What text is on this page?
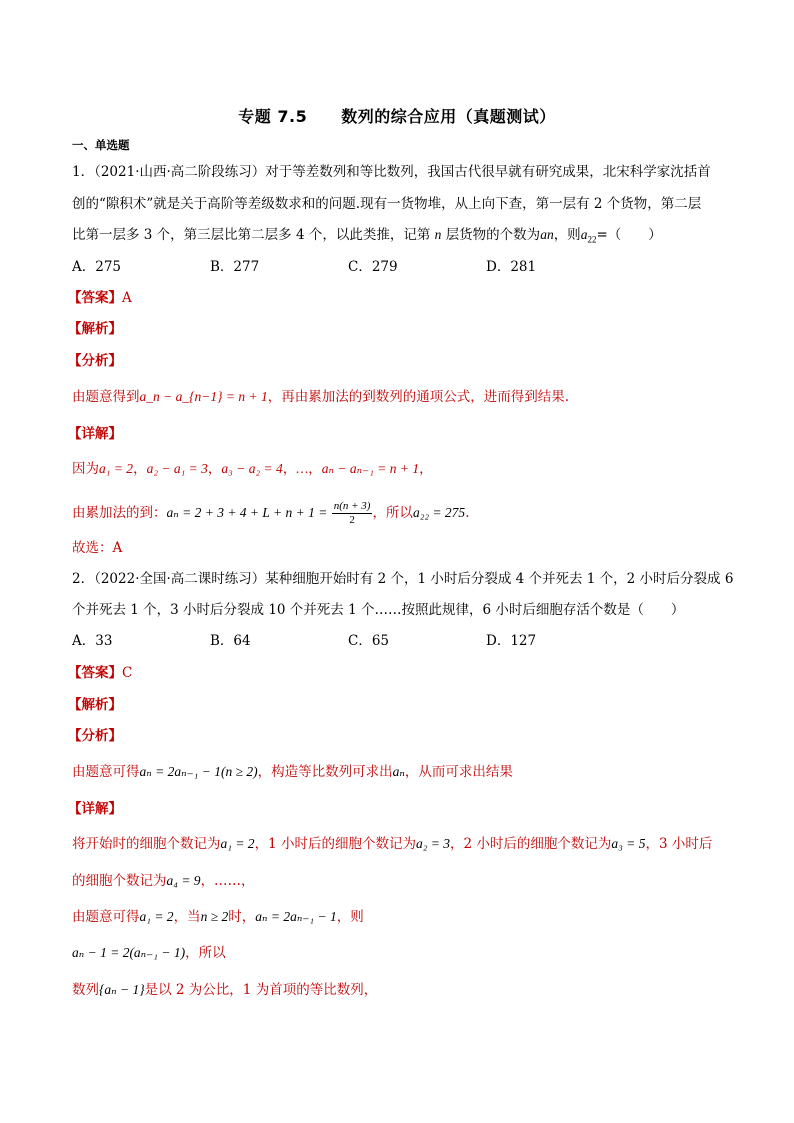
专题 7.5 数列的综合应用（真题测试）
一、单选题
1．（2021·山西·高二阶段练习）对于等差数列和等比数列，我国古代很早就有研究成果，北宋科学家沈括首
创的“隙积术”就是关于高阶等差级数求和的问题.现有一货物堆，从上向下查，第一层有 2 个货物，第二层
比第一层多 3 个，第三层比第二层多 4 个，以此类推，记第 n 层货物的个数为an，则$a_{22}=$（　　）
A．275	B．277	C．279	D．281
【答案】A
【解析】
【分析】
由题意得到a_n − a_{n−1} = n + 1，再由累加法的到数列的通项公式，进而得到结果.
【详解】
因为a₁ = 2，a₂ − a₁ = 3，a₃ − a₂ = 4，…，aₙ − aₙ₋₁ = n + 1，
由累加法的到：$a_n = 2 + 3 + 4 + L + n + 1 = \frac{n(n + 3)}{2}$ ，所以a₂₂ = 275.
故选：A
2．（2022·全国·高二课时练习）某种细胞开始时有 2 个，1 小时后分裂成 4 个并死去 1 个，2 小时后分裂成 6
个并死去 1 个，3 小时后分裂成 10 个并死去 1 个……按照此规律，6 小时后细胞存活个数是（　　）
A．33	B．64	C．65	D．127
【答案】C
【解析】
【分析】
由题意可得aₙ = 2aₙ₋₁ − 1(n ≥ 2)，构造等比数列可求出aₙ，从而可求出结果
【详解】
将开始时的细胞个数记为a₁ = 2，1 小时后的细胞个数记为a₂ = 3，2 小时后的细胞个数记为a₃ = 5，3 小时后
的细胞个数记为a₄ = 9，……，
由题意可得a₁ = 2，当n ≥ 2时，aₙ = 2aₙ₋₁ − 1，则
aₙ − 1 = 2(aₙ₋₁ − 1)，所以
数列{aₙ − 1}是以 2 为公比，1 为首项的等比数列，
